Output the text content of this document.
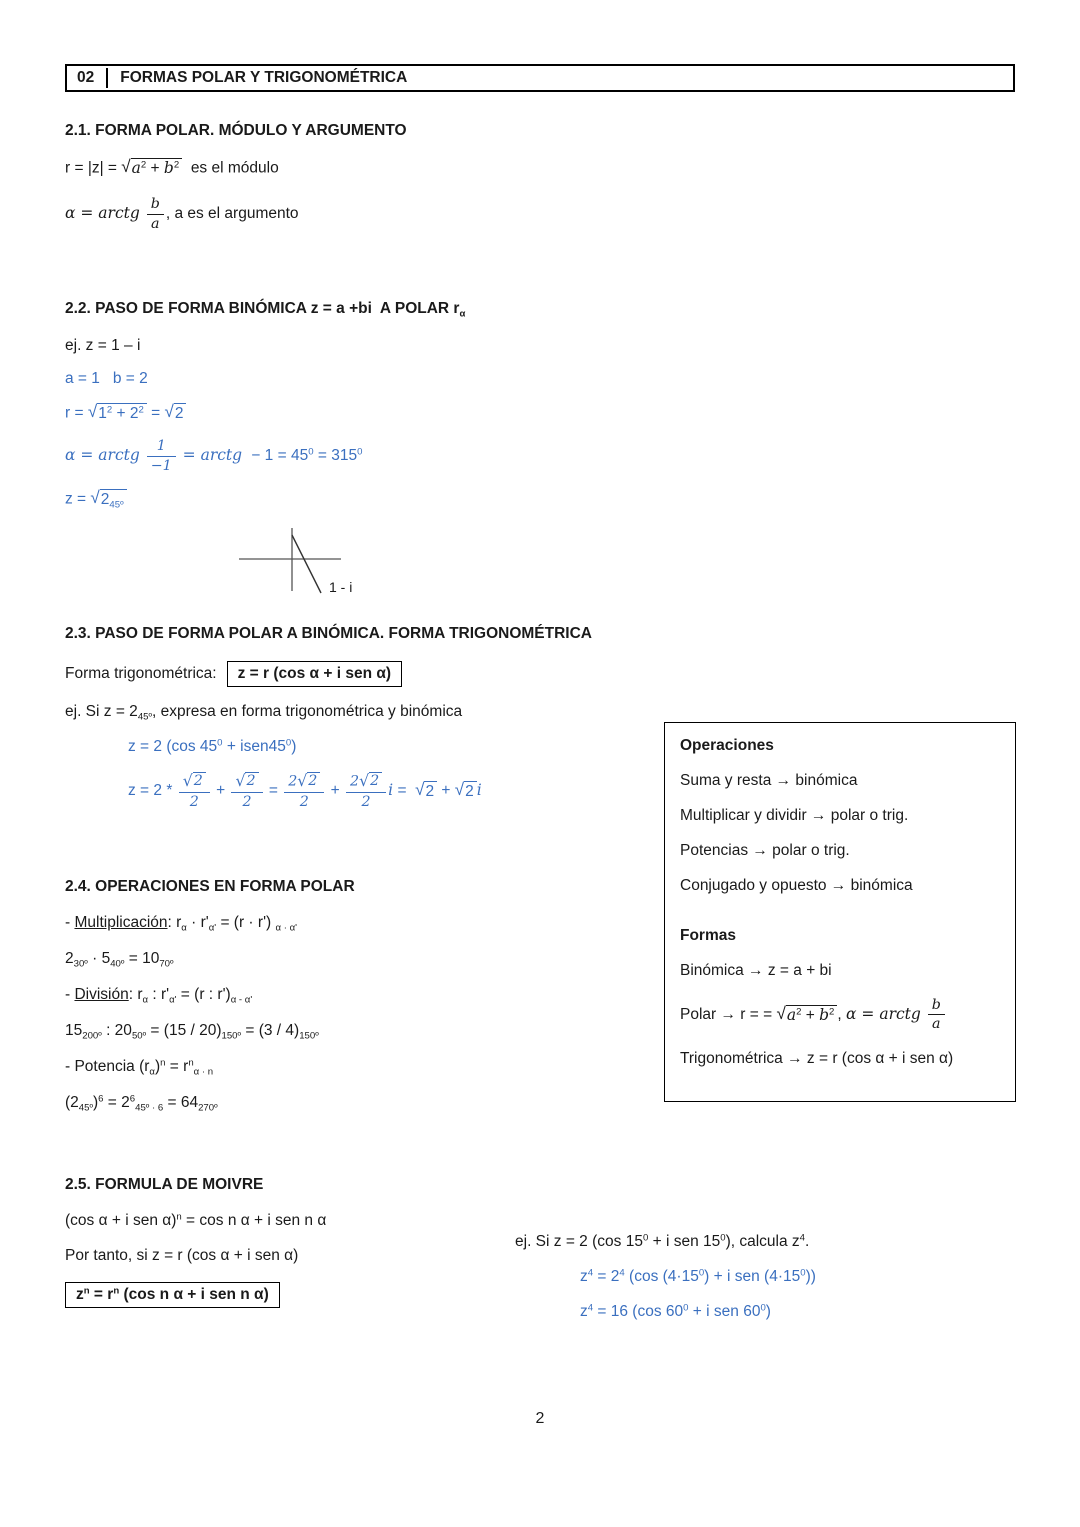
02	FORMAS POLAR Y TRIGONOMÉTRICA
2.1. FORMA POLAR. MÓDULO Y ARGUMENTO
r = |z| = √ $a^2 + b^2$ es el módulo
α = arctg $\frac{b}{a}$ , a es el argumento
2.2. PASO DE FORMA BINÓMICA z = a +bi  A POLAR $r_\alpha$
ej. z = 1 – i
a = 1   b = 2
r = √ $1^2 + 2^2$ = √ 2
α = arctg $\frac{1}{-1}$ = arctg  − $1 = 45^0 = 315^0$
z = √ $2_{45º}$
1 - i
2.3. PASO DE FORMA POLAR A BINÓMICA. FORMA TRIGONOMÉTRICA
Forma trigonométrica:	z = r (cos α + i sen α)
ej. Si $z = 2_{45º}$, expresa en forma trigonométrica y binómica
z = 2 (cos $45^0$ + $isen45^0$)
$z = 2 * \frac{√ 2}{2} + \frac{√ 2}{2} = \frac{2 √ 2}{2} + \frac{2 √ 2}{2}$ i = √ 2 + √ 2 i
Operaciones
Suma y resta → binómica
Multiplicar y dividir → polar o trig.
Potencias → polar o trig.
Conjugado y opuesto → binómica
Formas
Binómica → z = a + bi
Polar → r = = √ $a^2 + b^2$ , α = arctg $\frac{b}{a}$
Trigonométrica → z = r (cos α + i sen α)
2.4. OPERACIONES EN FORMA POLAR
- Multiplicación: $r_\alpha \cdot r'_{\alpha'} = (r \cdot r')$ $_{\alpha \cdot \alpha'}$
$2_{30º} \cdot 5_{40º} = 10_{70º}$
- División: $r_\alpha$ : $r'_{\alpha'} = (r$ : $r')_{\alpha - \alpha'}$
$15_{200º}$ : $20_{50º} = (15 / 20)_{150º} = (3 / 4)_{150º}$
- Potencia $(r_\alpha)^n = r^n_{\alpha \cdot n}$
$(2_{45º})^6 = 2^6_{45º \cdot 6} = 64_{270º}$
2.5. FORMULA DE MOIVRE
(cos α + i sen α)$^n$ = cos n α + i sen n α
Por tanto, si z = r (cos α + i sen α)
$z^n = r^n$ (cos n α + i sen n α)
ej. Si z = 2 (cos $15^0 + i$ sen $15^0$), calcula $z^4$.
$z^4 = 2^4$ (cos $(4\cdot 15^0) + i$ sen $(4\cdot 15^0)$)
$z^4 = 16$ (cos $60^0 + i$ sen $60^0$)
2
